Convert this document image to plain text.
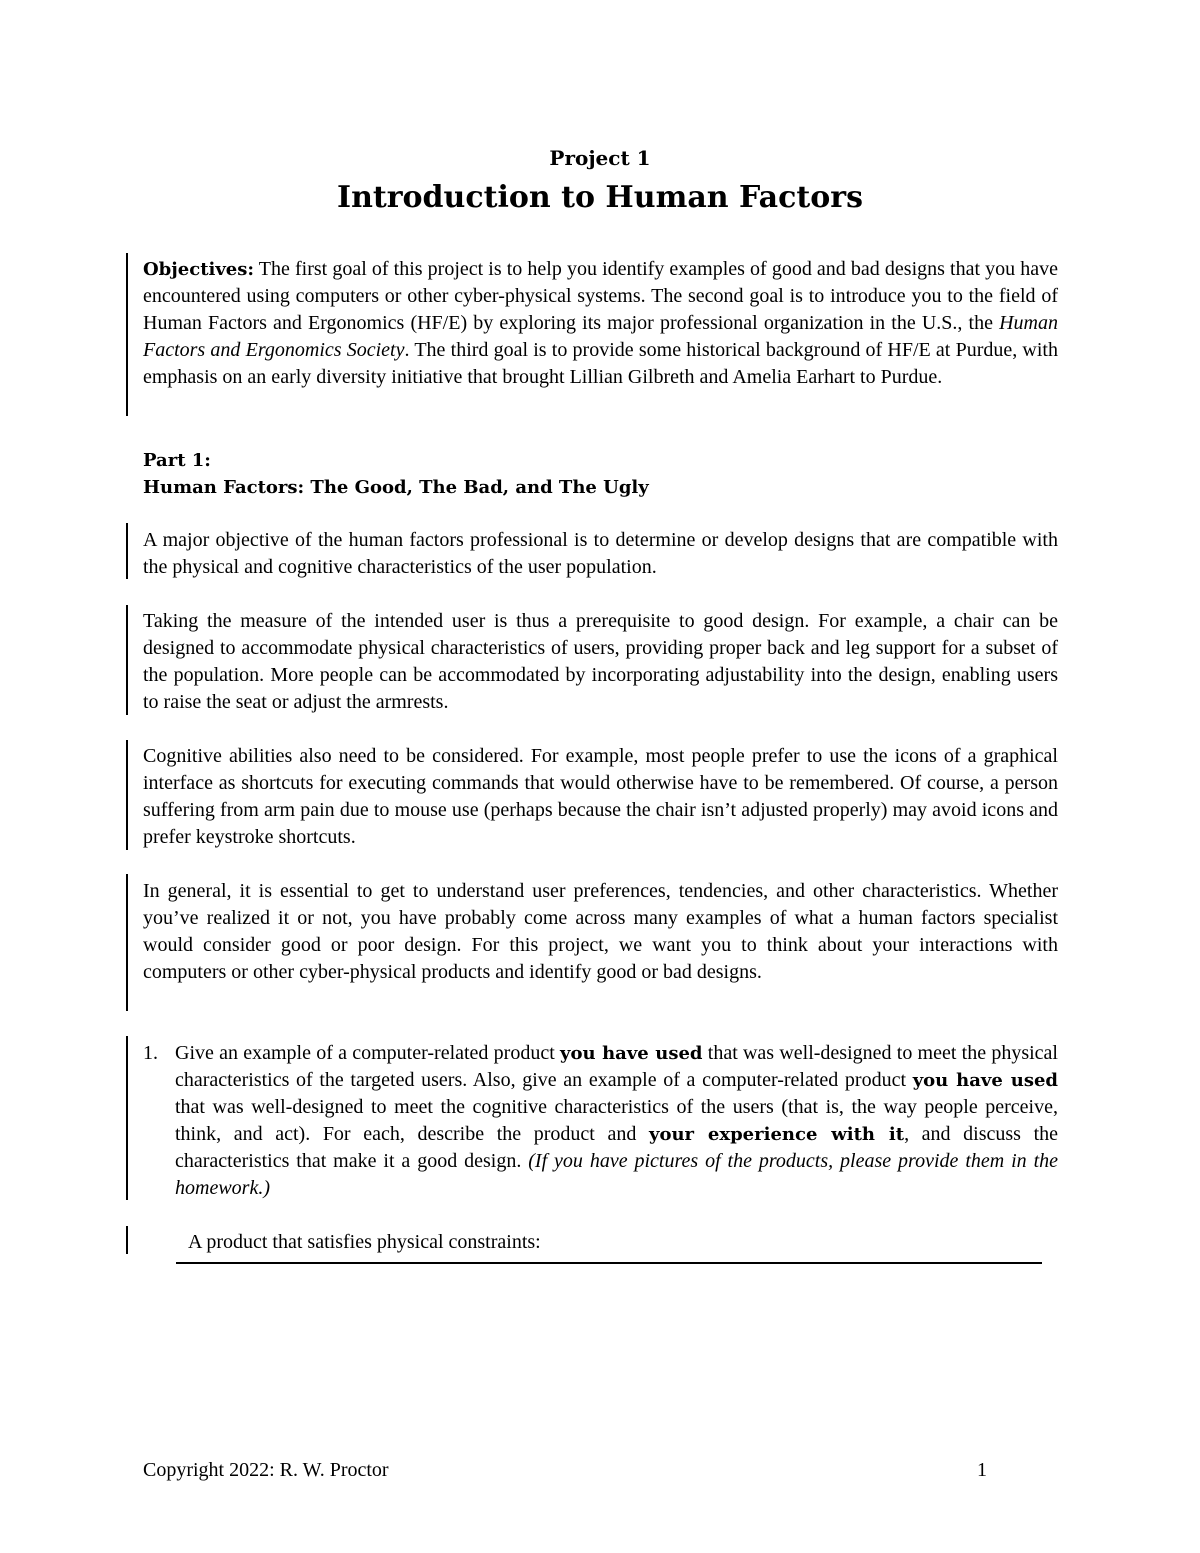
Project 1
Introduction to Human Factors

Objectives: The first goal of this project is to help you identify examples of good and bad designs that you have encountered using computers or other cyber-physical systems. The second goal is to introduce you to the field of Human Factors and Ergonomics (HF/E) by exploring its major professional organization in the U.S., the Human Factors and Ergonomics Society. The third goal is to provide some historical background of HF/E at Purdue, with emphasis on an early diversity initiative that brought Lillian Gilbreth and Amelia Earhart to Purdue.

Part 1:
Human Factors: The Good, The Bad, and The Ugly

A major objective of the human factors professional is to determine or develop designs that are compatible with the physical and cognitive characteristics of the user population.

Taking the measure of the intended user is thus a prerequisite to good design. For example, a chair can be designed to accommodate physical characteristics of users, providing proper back and leg support for a subset of the population. More people can be accommodated by incorporating adjustability into the design, enabling users to raise the seat or adjust the armrests.

Cognitive abilities also need to be considered. For example, most people prefer to use the icons of a graphical interface as shortcuts for executing commands that would otherwise have to be remembered. Of course, a person suffering from arm pain due to mouse use (perhaps because the chair isn’t adjusted properly) may avoid icons and prefer keystroke shortcuts.

In general, it is essential to get to understand user preferences, tendencies, and other characteristics. Whether you’ve realized it or not, you have probably come across many examples of what a human factors specialist would consider good or poor design. For this project, we want you to think about your interactions with computers or other cyber-physical products and identify good or bad designs.

1. Give an example of a computer-related product you have used that was well-designed to meet the physical characteristics of the targeted users. Also, give an example of a computer-related product you have used that was well-designed to meet the cognitive characteristics of the users (that is, the way people perceive, think, and act). For each, describe the product and your experience with it, and discuss the characteristics that make it a good design. (If you have pictures of the products, please provide them in the homework.)
A product that satisfies physical constraints:
Copyright 2022: R. W. Proctor	1
